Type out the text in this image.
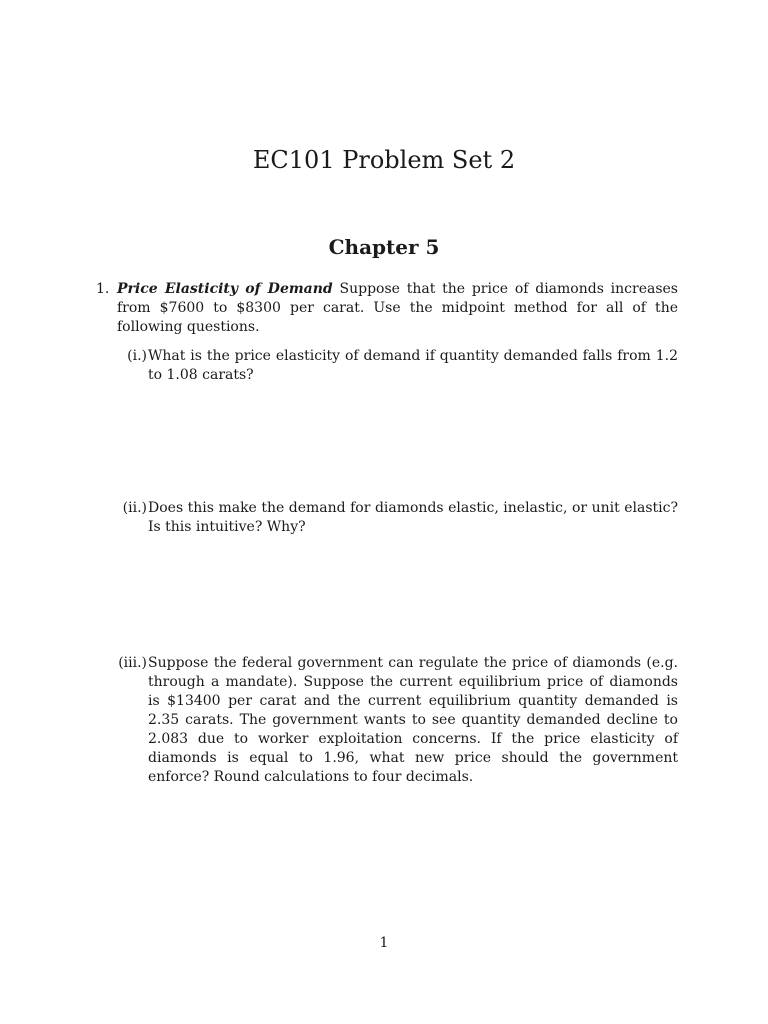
EC101 Problem Set 2
Chapter 5
1. Price Elasticity of Demand Suppose that the price of diamonds increases from $7600 to $8300 per carat. Use the midpoint method for all of the following questions.
(i.) What is the price elasticity of demand if quantity demanded falls from 1.2 to 1.08 carats?
(ii.) Does this make the demand for diamonds elastic, inelastic, or unit elastic? Is this intuitive? Why?
(iii.) Suppose the federal government can regulate the price of diamonds (e.g. through a mandate). Suppose the current equilibrium price of diamonds is $13400 per carat and the current equilibrium quantity demanded is 2.35 carats. The government wants to see quantity demanded decline to 2.083 due to worker exploitation concerns. If the price elasticity of diamonds is equal to 1.96, what new price should the government enforce? Round calculations to four decimals.
1
